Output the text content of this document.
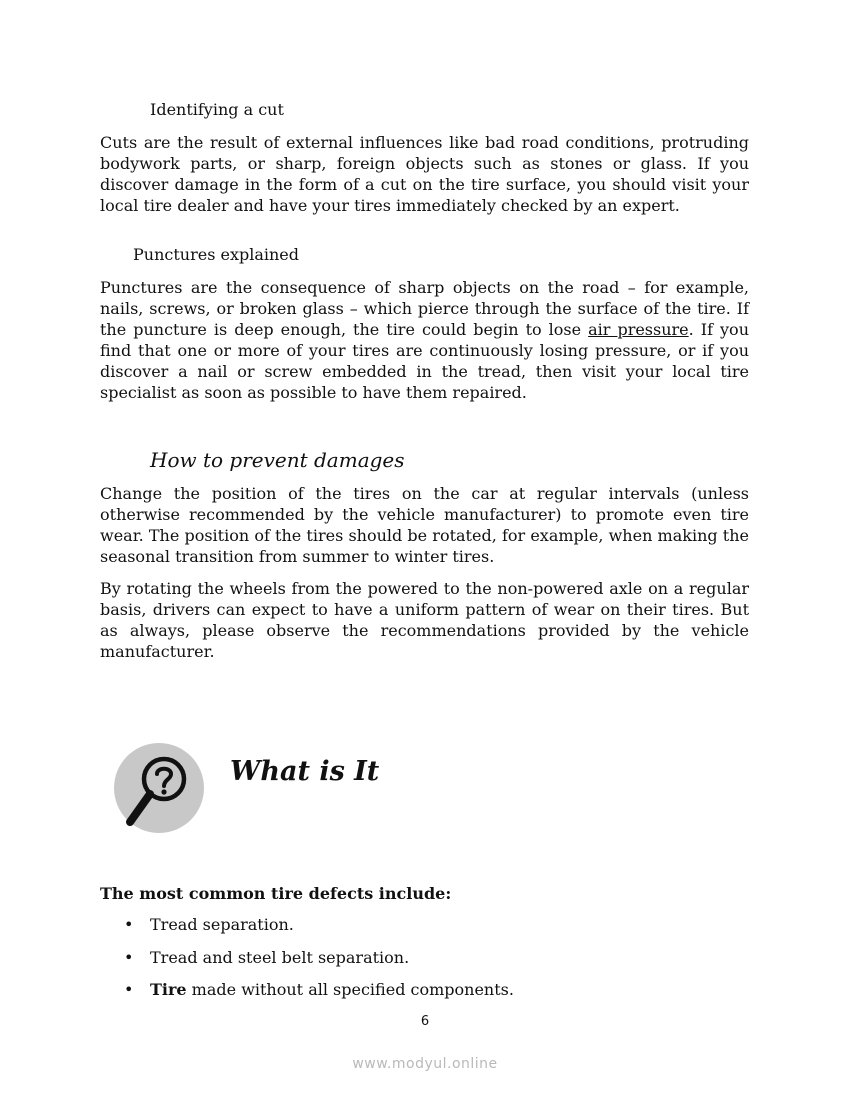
Identifying a cut

Cuts are the result of external influences like bad road conditions, protruding bodywork parts, or sharp, foreign objects such as stones or glass. If you discover damage in the form of a cut on the tire surface, you should visit your local tire dealer and have your tires immediately checked by an expert.

Punctures explained

Punctures are the consequence of sharp objects on the road – for example, nails, screws, or broken glass – which pierce through the surface of the tire. If the puncture is deep enough, the tire could begin to lose air pressure. If you find that one or more of your tires are continuously losing pressure, or if you discover a nail or screw embedded in the tread, then visit your local tire specialist as soon as possible to have them repaired.

How to prevent damages

Change the position of the tires on the car at regular intervals (unless otherwise recommended by the vehicle manufacturer) to promote even tire wear. The position of the tires should be rotated, for example, when making the seasonal transition from summer to winter tires.

By rotating the wheels from the powered to the non-powered axle on a regular basis, drivers can expect to have a uniform pattern of wear on their tires. But as always, please observe the recommendations provided by the vehicle manufacturer.

What is It

The most common tire defects include:

• Tread separation.
• Tread and steel belt separation.
• Tire made without all specified components.

6

www.modyul.online
